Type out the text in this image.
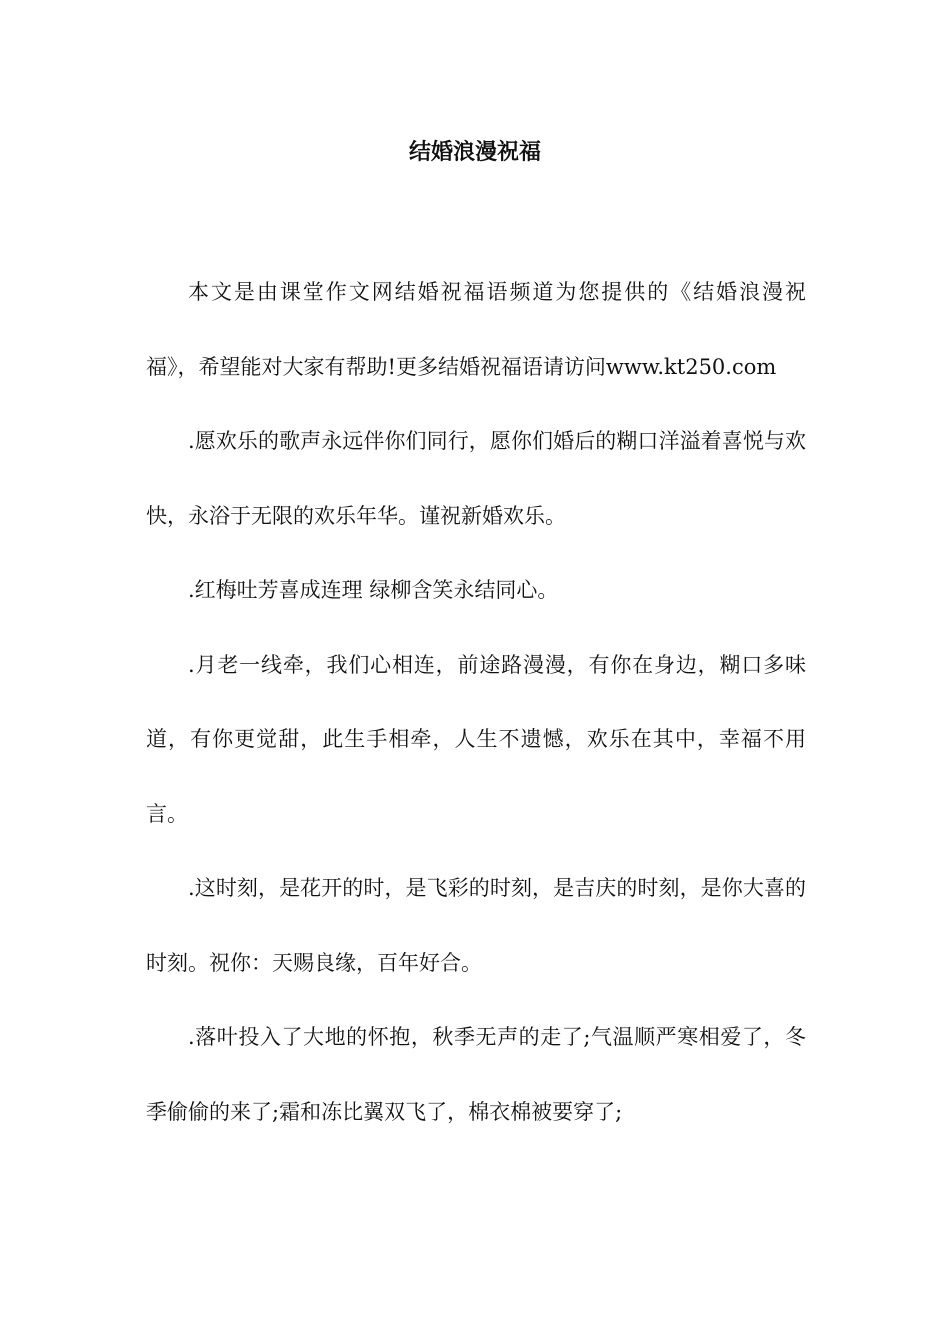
结婚浪漫祝福

本文是由课堂作文网结婚祝福语频道为您提供的《结婚浪漫祝福》，希望能对大家有帮助!更多结婚祝福语请访问www.kt250.com

.愿欢乐的歌声永远伴你们同行，愿你们婚后的糊口洋溢着喜悦与欢快，永浴于无限的欢乐年华。谨祝新婚欢乐。

.红梅吐芳喜成连理 绿柳含笑永结同心。

.月老一线牵，我们心相连，前途路漫漫，有你在身边，糊口多味道，有你更觉甜，此生手相牵，人生不遗憾，欢乐在其中，幸福不用言。

.这时刻，是花开的时，是飞彩的时刻，是吉庆的时刻，是你大喜的时刻。祝你：天赐良缘，百年好合。

.落叶投入了大地的怀抱，秋季无声的走了;气温顺严寒相爱了，冬季偷偷的来了;霜和冻比翼双飞了，棉衣棉被要穿了;
